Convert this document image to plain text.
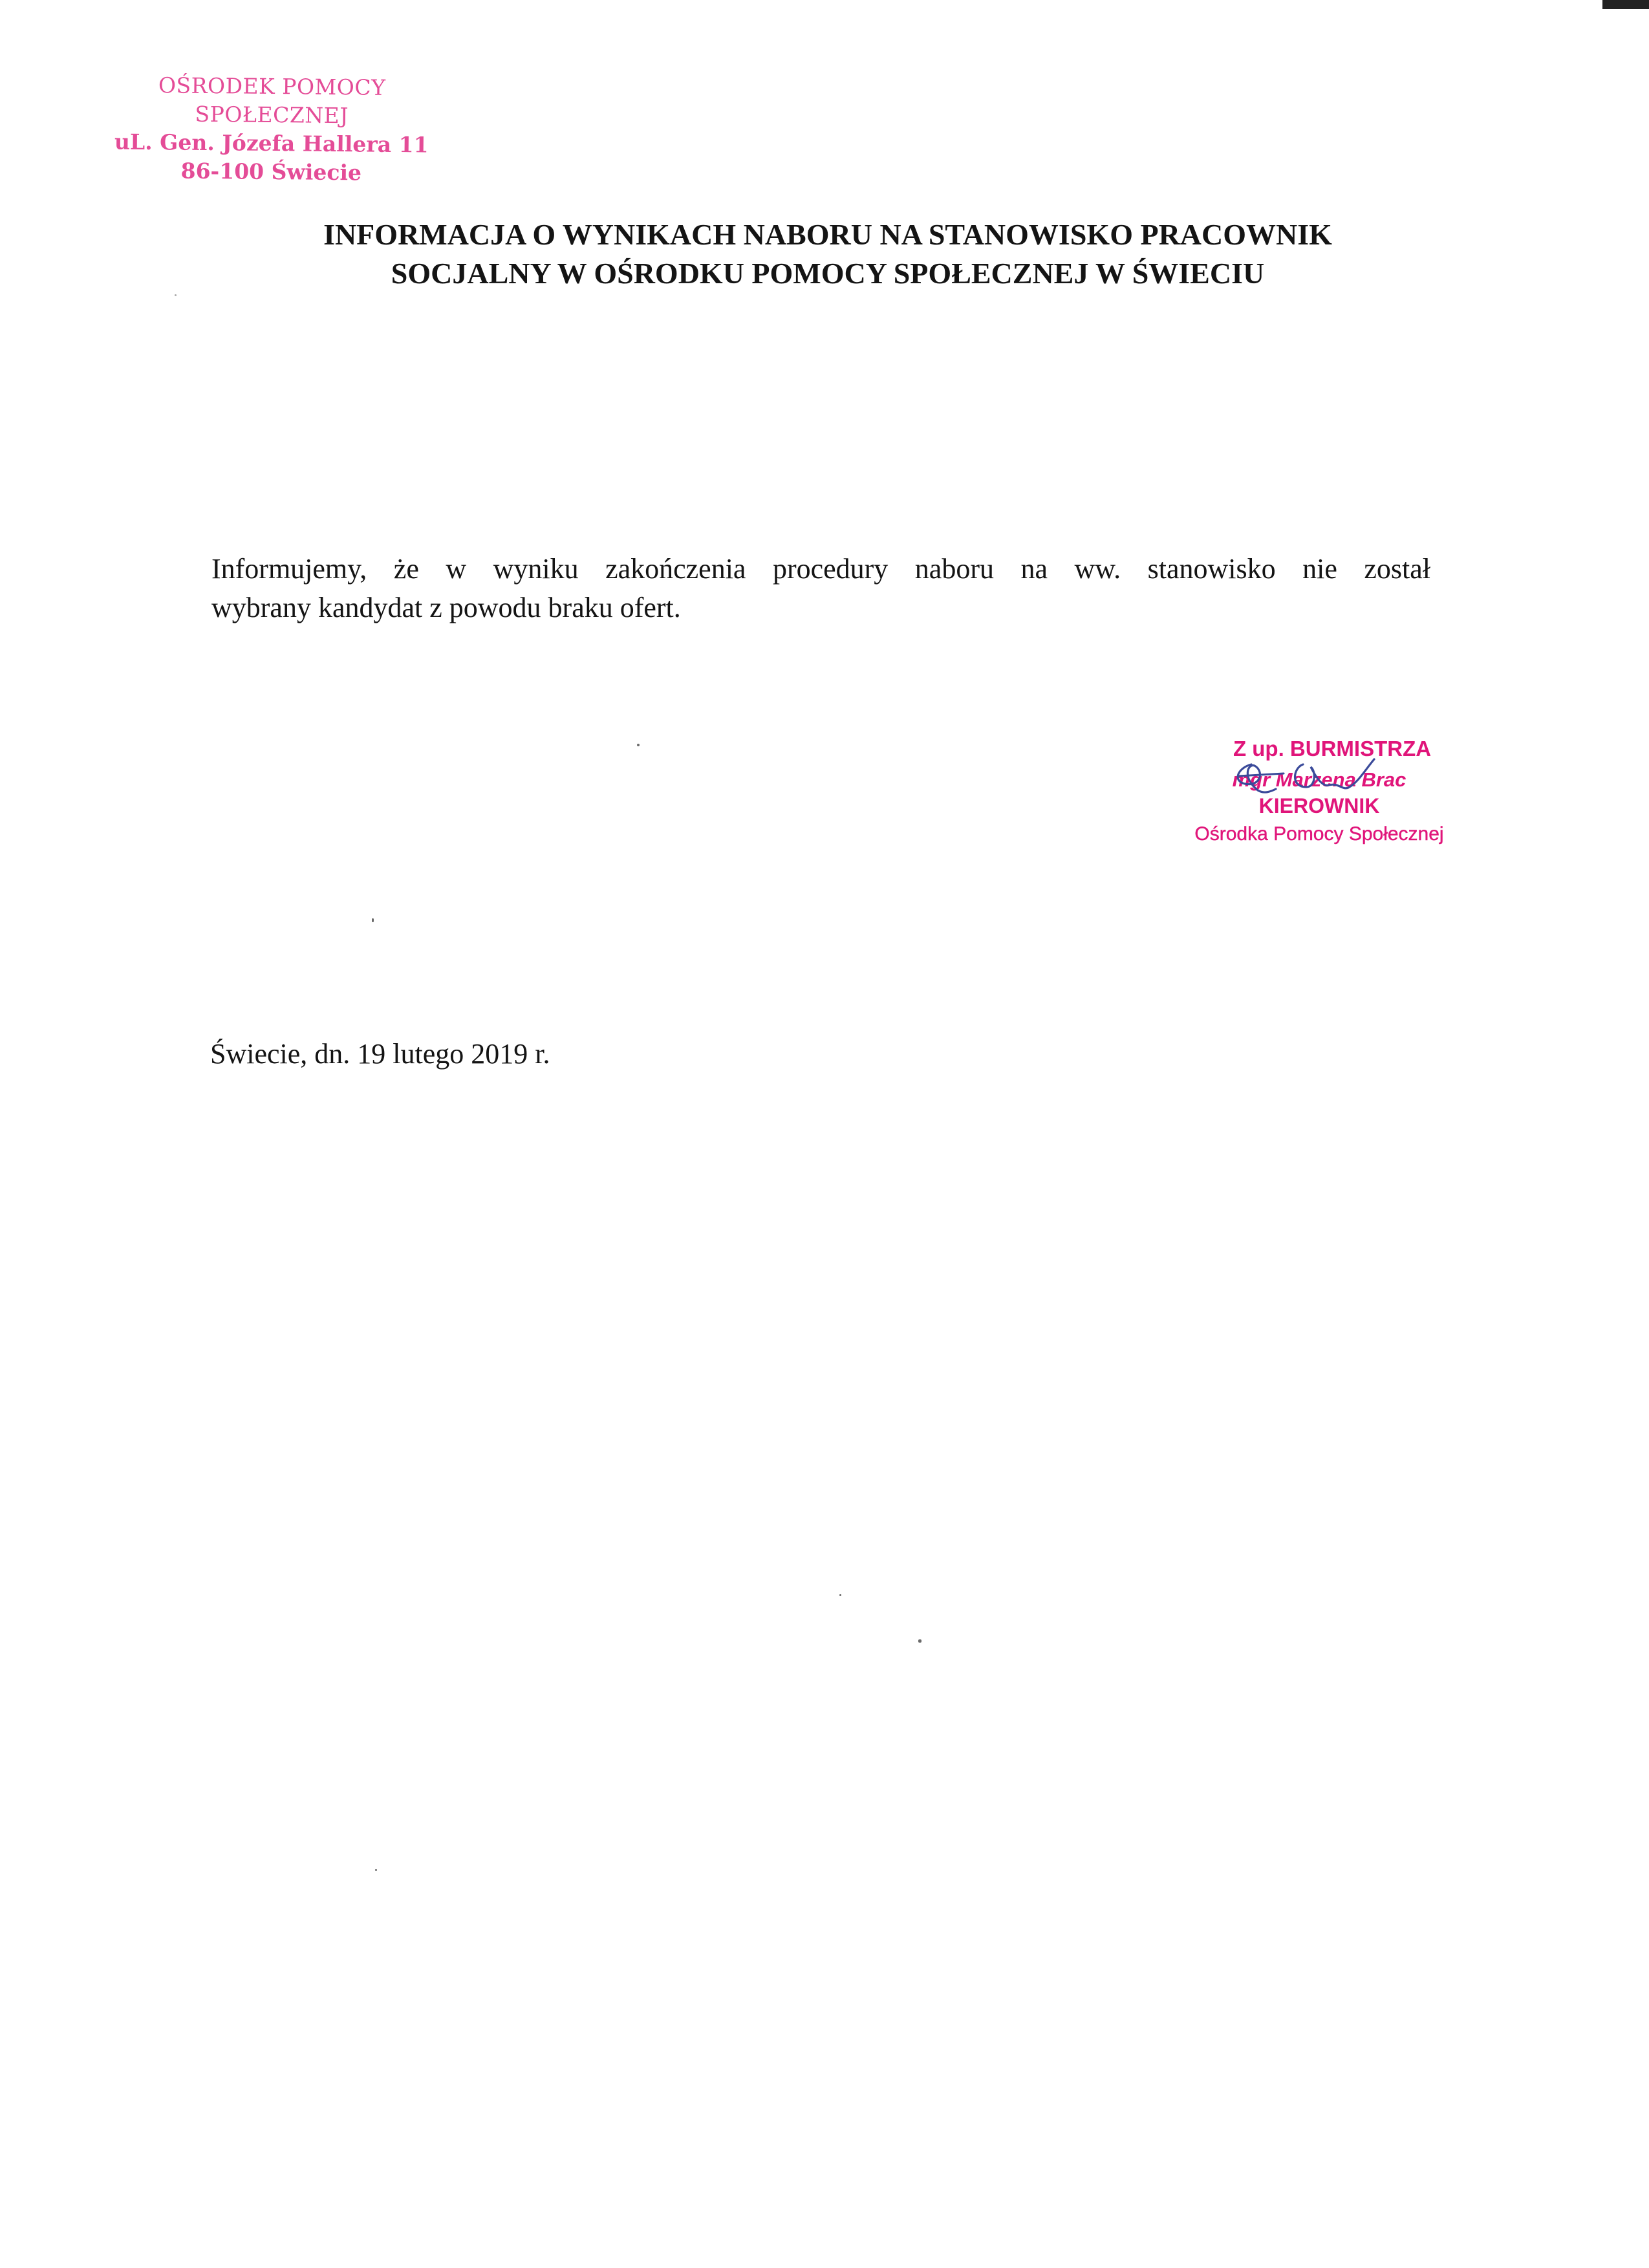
OŚRODEK POMOCY SPOŁECZNEJ
uL. Gen. Józefa Hallera 11
86-100 Świecie
INFORMACJA O WYNIKACH NABORU NA STANOWISKO PRACOWNIK
SOCJALNY W OŚRODKU POMOCY SPOŁECZNEJ W ŚWIECIU
Informujemy, że w wyniku zakończenia procedury naboru na ww. stanowisko nie został
wybrany kandydat z powodu braku ofert.
Z up. BURMISTRZA
mgr Marzena Brac
KIEROWNIK
Ośrodka Pomocy Społecznej
Świecie, dn. 19 lutego 2019 r.
